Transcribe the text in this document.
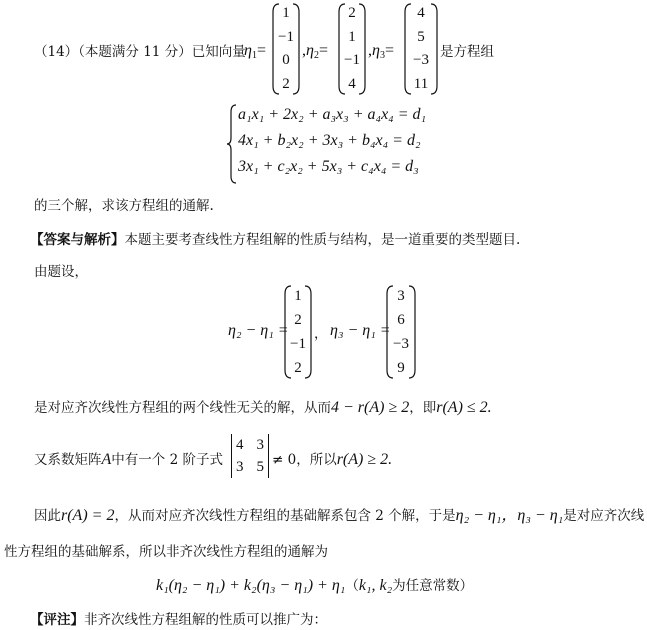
（14）（本题满分 11 分）已知向量
$\eta_1=$
1
−1
0
2
$,\eta_2=$
2
1
−1
4
$,\eta_3=$
4
5
−3
11
是方程组
a₁x₁ + 2x₂ + a₃x₃ + a₄x₄ = d₁
4x₁ + b₂x₂ + 3x₃ + b₄x₄ = d₂
3x₁ + c₂x₂ + 5x₃ + c₄x₄ = d₃
的三个解，求该方程组的通解.
【答案与解析】本题主要考查线性方程组解的性质与结构，是一道重要的类型题目.
由题设，
η₂ − η₁ =
1
2
−1
2
， η₃ − η₁ =
3
6
−3
9
是对应齐次线性方程组的两个线性无关的解，从而4 − r(A) ≥ 2，即r(A) ≤ 2.
又系数矩阵A中有一个 2 阶子式
4 3
3 5 ≠ 0，所以r(A) ≥ 2.
因此r(A) = 2，从而对应齐次线性方程组的基础解系包含 2 个解，于是η₂ − η₁，η₃ − η₁是对应齐次线
性方程组的基础解系，所以非齐次线性方程组的通解为
k₁(η₂ − η₁) + k₂(η₃ − η₁) + η₁（k₁, k₂为任意常数）
【评注】非齐次线性方程组解的性质可以推广为：
